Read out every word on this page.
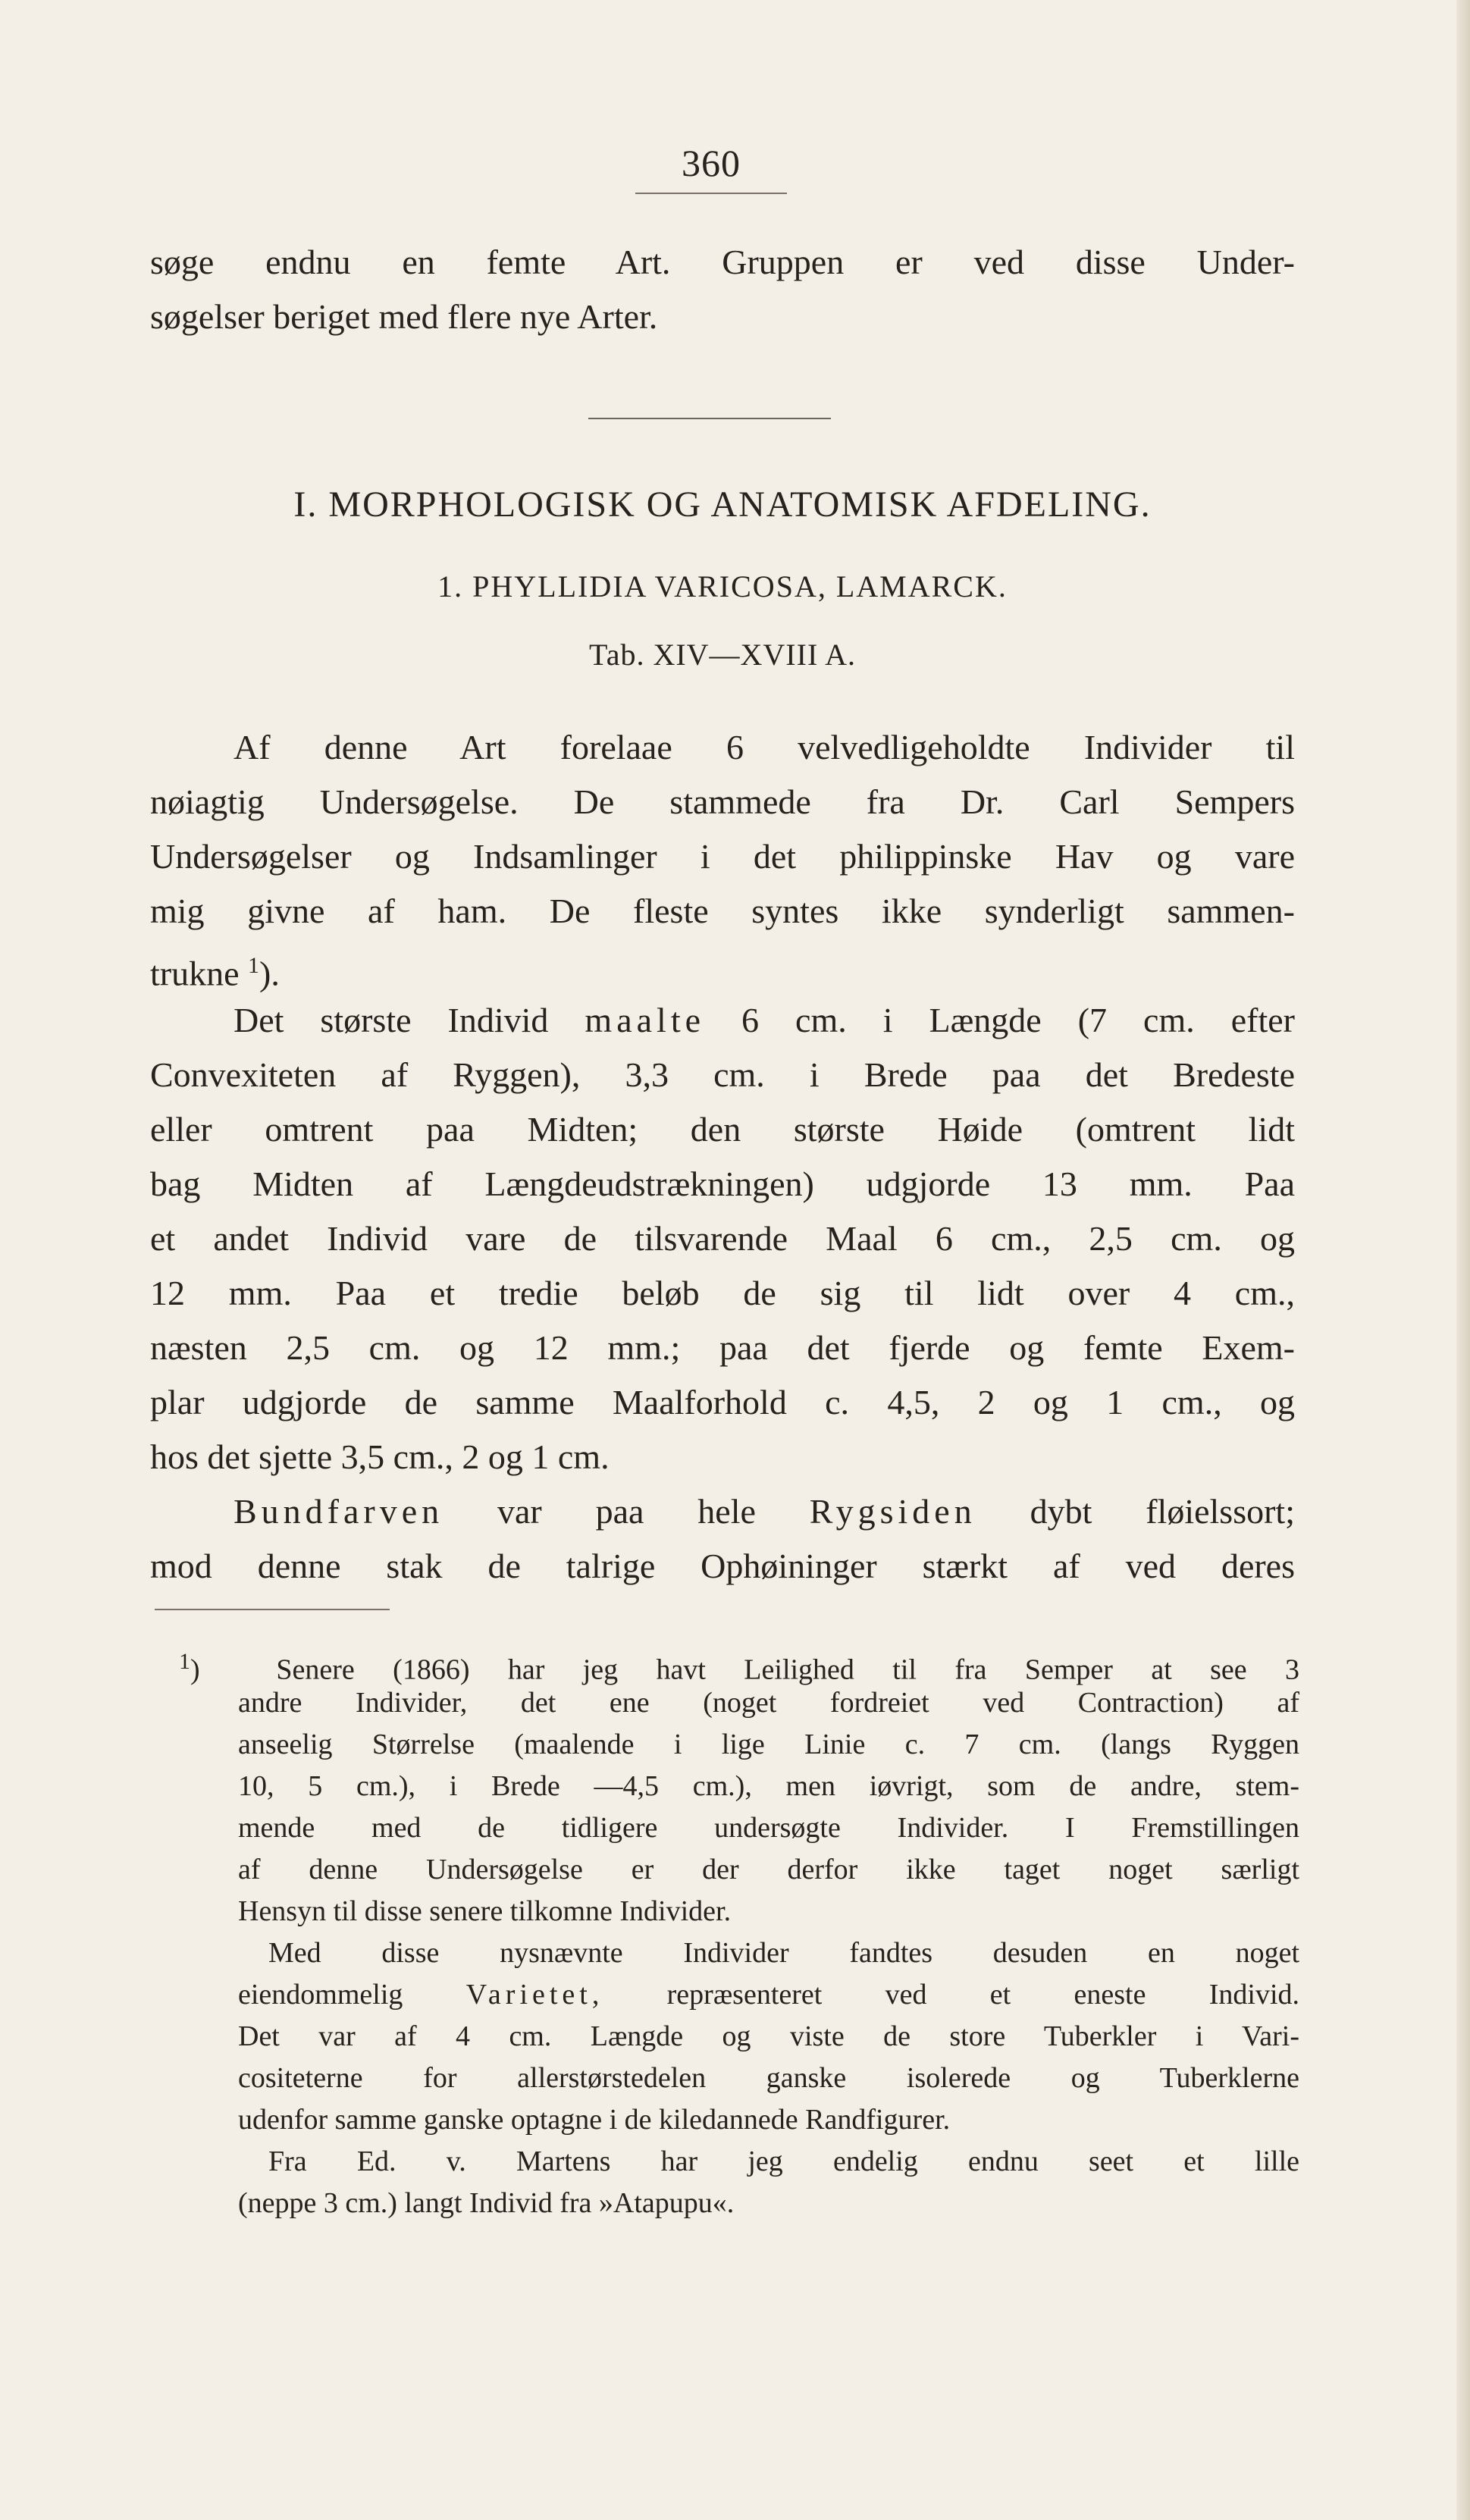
360
søge endnu en femte Art. Gruppen er ved disse Under-
søgelser beriget med flere nye Arter.
I. MORPHOLOGISK OG ANATOMISK AFDELING.
1. PHYLLIDIA VARICOSA, LAMARCK.
Tab. XIV—XVIII A.
Af denne Art forelaae 6 velvedligeholdte Individer til
nøiagtig Undersøgelse. De stammede fra Dr. Carl Sempers
Undersøgelser og Indsamlinger i det philippinske Hav og vare
mig givne af ham. De fleste syntes ikke synderligt sammen-
trukne $^1$).
Det største Individ maalte 6 cm. i Længde (7 cm. efter
Convexiteten af Ryggen), 3,3 cm. i Brede paa det Bredeste
eller omtrent paa Midten; den største Høide (omtrent lidt
bag Midten af Længdeudstrækningen) udgjorde 13 mm. Paa
et andet Individ vare de tilsvarende Maal 6 cm., 2,5 cm. og
12 mm. Paa et tredie beløb de sig til lidt over 4 cm.,
næsten 2,5 cm. og 12 mm.; paa det fjerde og femte Exem-
plar udgjorde de samme Maalforhold c. 4,5, 2 og 1 cm., og
hos det sjette 3,5 cm., 2 og 1 cm.
Bundfarven var paa hele Rygsiden dybt fløielssort;
mod denne stak de talrige Ophøininger stærkt af ved deres
$^1$)	Senere (1866) har jeg havt Leilighed til fra Semper at see 3
andre Individer, det ene (noget fordreiet ved Contraction) af
anseelig Størrelse (maalende i lige Linie c. 7 cm. (langs Ryggen
10, 5 cm.), i Brede —4,5 cm.), men iøvrigt, som de andre, stem-
mende med de tidligere undersøgte Individer. I Fremstillingen
af denne Undersøgelse er der derfor ikke taget noget særligt
Hensyn til disse senere tilkomne Individer.
Med disse nysnævnte Individer fandtes desuden en noget
eiendommelig Varietet, repræsenteret ved et eneste Individ.
Det var af 4 cm. Længde og viste de store Tuberkler i Vari-
cositeterne for allerstørstedelen ganske isolerede og Tuberklerne
udenfor samme ganske optagne i de kiledannede Randfigurer.
Fra Ed. v. Martens har jeg endelig endnu seet et lille
(neppe 3 cm.) langt Individ fra »Atapupu«.
